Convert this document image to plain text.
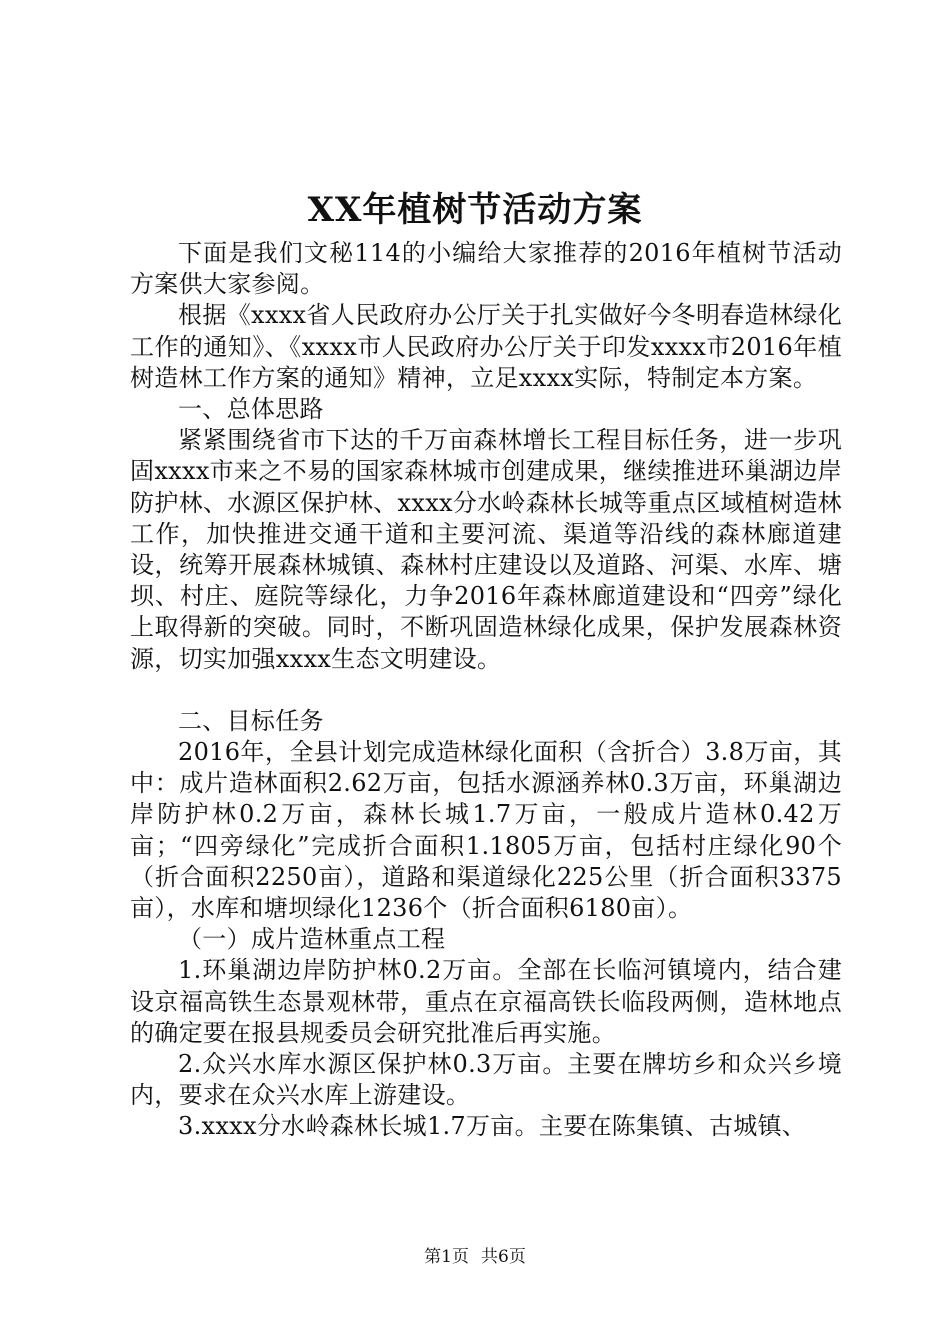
XX年植树节活动方案

下面是我们文秘114的小编给大家推荐的2016年植树节活动方案供大家参阅。

根据《xxxx省人民政府办公厅关于扎实做好今冬明春造林绿化工作的通知》、《xxxx市人民政府办公厅关于印发xxxx市2016年植树造林工作方案的通知》精神，立足xxxx实际，特制定本方案。

一、总体思路

紧紧围绕省市下达的千万亩森林增长工程目标任务，进一步巩固xxxx市来之不易的国家森林城市创建成果，继续推进环巢湖边岸防护林、水源区保护林、xxxx分水岭森林长城等重点区域植树造林工作，加快推进交通干道和主要河流、渠道等沿线的森林廊道建设，统筹开展森林城镇、森林村庄建设以及道路、河渠、水库、塘坝、村庄、庭院等绿化，力争2016年森林廊道建设和“四旁”绿化上取得新的突破。同时，不断巩固造林绿化成果，保护发展森林资源，切实加强xxxx生态文明建设。

二、目标任务

2016年，全县计划完成造林绿化面积（含折合）3.8万亩，其中：成片造林面积2.62万亩，包括水源涵养林0.3万亩，环巢湖边岸防护林0.2万亩，森林长城1.7万亩，一般成片造林0.42万亩；“四旁绿化”完成折合面积1.1805万亩，包括村庄绿化90个（折合面积2250亩），道路和渠道绿化225公里（折合面积3375亩），水库和塘坝绿化1236个（折合面积6180亩）。

（一）成片造林重点工程

1.环巢湖边岸防护林0.2万亩。全部在长临河镇境内，结合建设京福高铁生态景观林带，重点在京福高铁长临段两侧，造林地点的确定要在报县规委员会研究批准后再实施。

2.众兴水库水源区保护林0.3万亩。主要在牌坊乡和众兴乡境内，要求在众兴水库上游建设。

3.xxxx分水岭森林长城1.7万亩。主要在陈集镇、古城镇、

第1页 共6页
